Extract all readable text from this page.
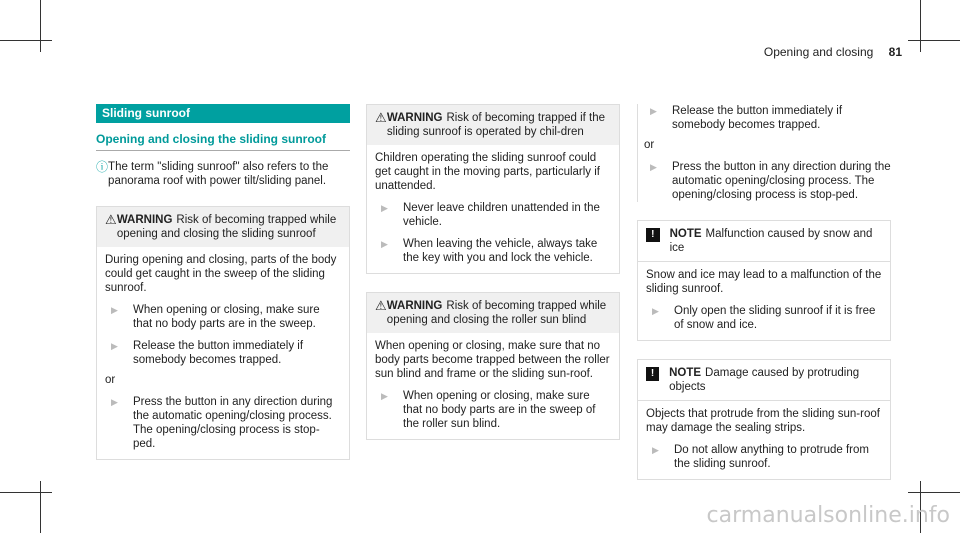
Opening and closing 81
Sliding sunroof
Opening and closing the sliding sunroof
ⓘ The term "sliding sunroof" also refers to the panorama roof with power tilt/sliding panel.
⚠ WARNING Risk of becoming trapped while opening and closing the sliding sunroof
During opening and closing, parts of the body could get caught in the sweep of the sliding sunroof.
▶	When opening or closing, make sure that no body parts are in the sweep.
▶	Release the button immediately if somebody becomes trapped.
or
▶	Press the button in any direction during the automatic opening/closing process. The opening/closing process is stop-ped.
⚠ WARNING Risk of becoming trapped if the sliding sunroof is operated by chil-dren
Children operating the sliding sunroof could get caught in the moving parts, particularly if unattended.
▶	Never leave children unattended in the vehicle.
▶	When leaving the vehicle, always take the key with you and lock the vehicle.
⚠ WARNING Risk of becoming trapped while opening and closing the roller sun blind
When opening or closing, make sure that no body parts become trapped between the roller sun blind and frame or the sliding sun-roof.
▶	When opening or closing, make sure that no body parts are in the sweep of the roller sun blind.
▶	Release the button immediately if somebody becomes trapped.
or
▶	Press the button in any direction during the automatic opening/closing process. The opening/closing process is stop-ped.
!	NOTE Malfunction caused by snow and ice
Snow and ice may lead to a malfunction of the sliding sunroof.
▶	Only open the sliding sunroof if it is free of snow and ice.
!	NOTE Damage caused by protruding objects
Objects that protrude from the sliding sun-roof may damage the sealing strips.
▶	Do not allow anything to protrude from the sliding sunroof.
carmanualsonline.info
